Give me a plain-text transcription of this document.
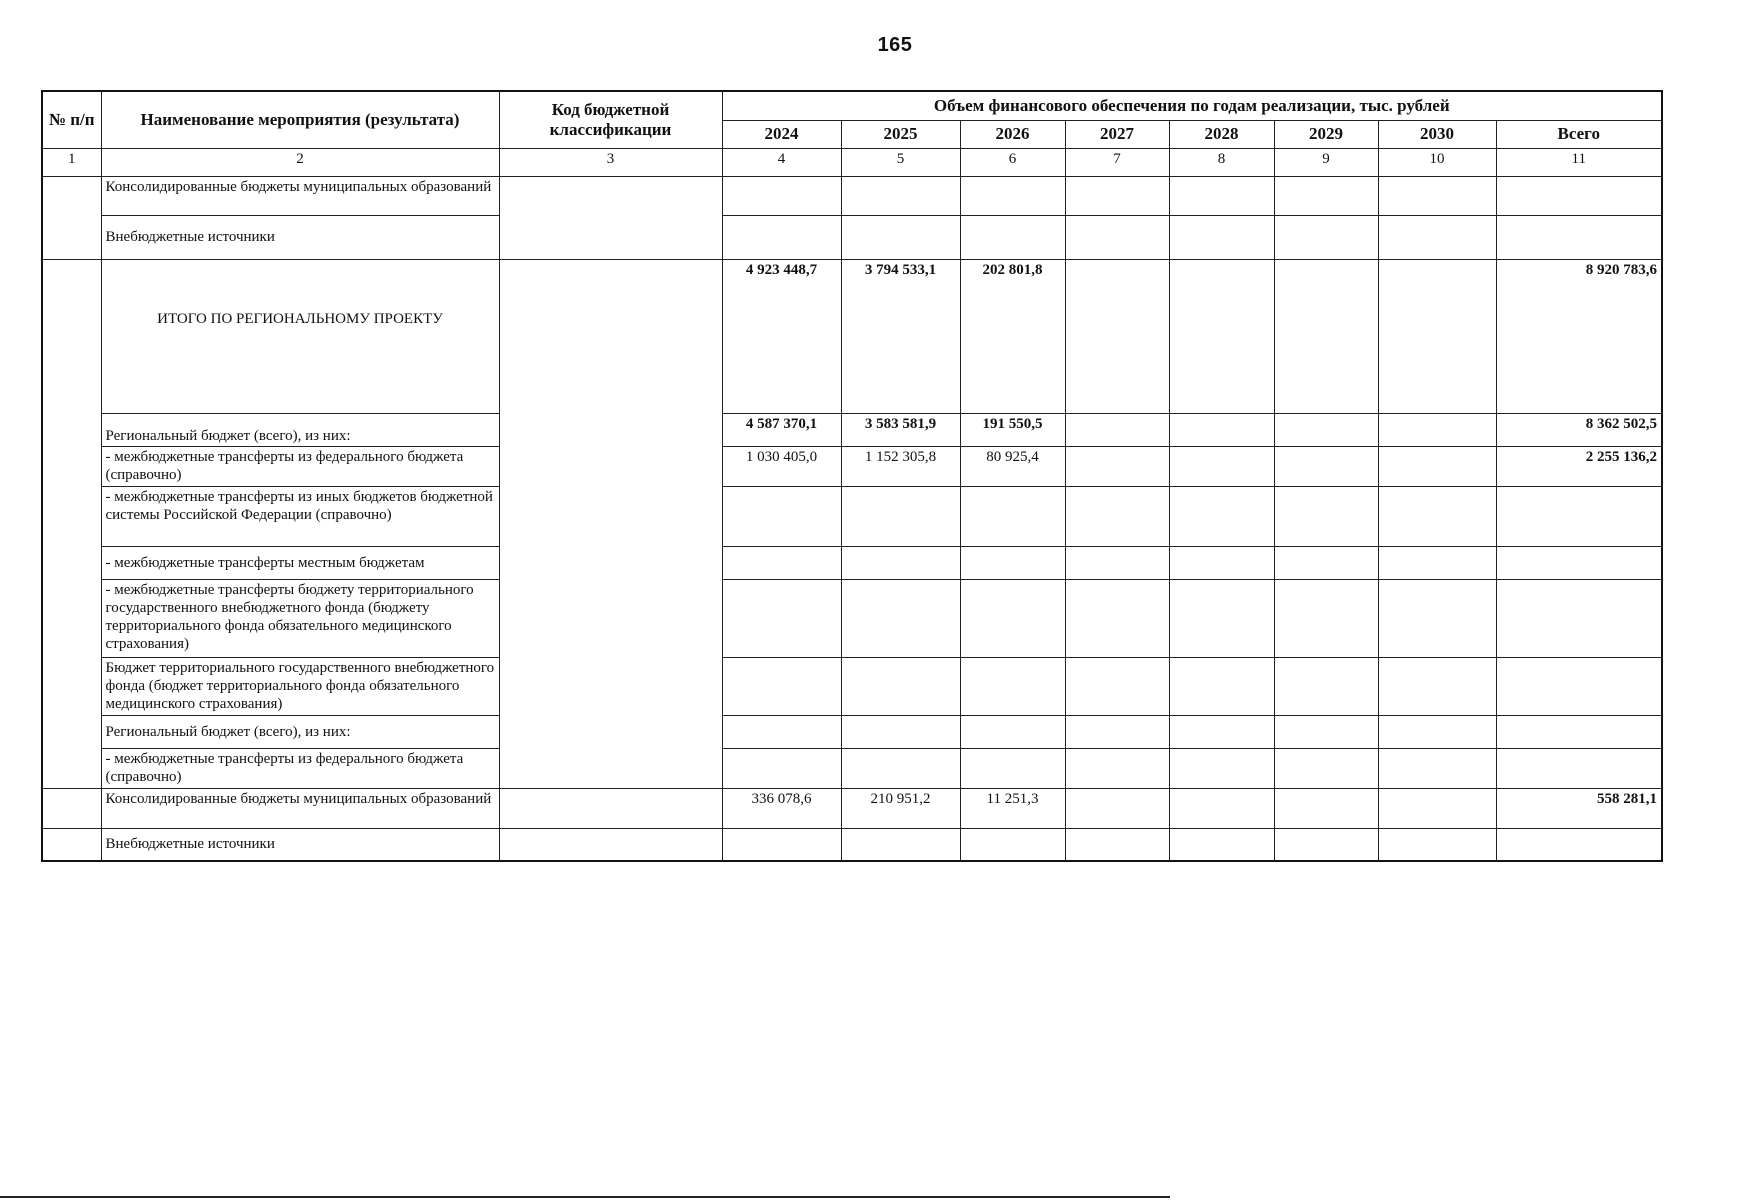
165
№ п/п	Наименование мероприятия (результата)	Код бюджетной классификации	Объем финансового обеспечения по годам реализации, тыс. рублей							
			2024	2025	2026	2027	2028	2029	2030	Всего
1	2	3	4	5	6	7	8	9	10	11
	Консолидированные бюджеты муниципальных образований									
	Внебюджетные источники									
	ИТОГО ПО РЕГИОНАЛЬНОМУ ПРОЕКТУ		4 923 448,7	3 794 533,1	202 801,8					8 920 783,6
	Региональный бюджет (всего), из них:		4 587 370,1	3 583 581,9	191 550,5					8 362 502,5
	- межбюджетные трансферты из федерального бюджета (справочно)		1 030 405,0	1 152 305,8	80 925,4					2 255 136,2
	- межбюджетные трансферты из иных бюджетов бюджетной системы Российской Федерации (справочно)									
	- межбюджетные трансферты местным бюджетам									
	- межбюджетные трансферты бюджету территориального государственного внебюджетного фонда (бюджету территориального фонда обязательного медицинского страхования)									
	Бюджет территориального государственного внебюджетного фонда (бюджет территориального фонда обязательного медицинского страхования)									
	Региональный бюджет (всего), из них:									
	- межбюджетные трансферты из федерального бюджета (справочно)									
	Консолидированные бюджеты муниципальных образований		336 078,6	210 951,2	11 251,3					558 281,1
	Внебюджетные источники									
